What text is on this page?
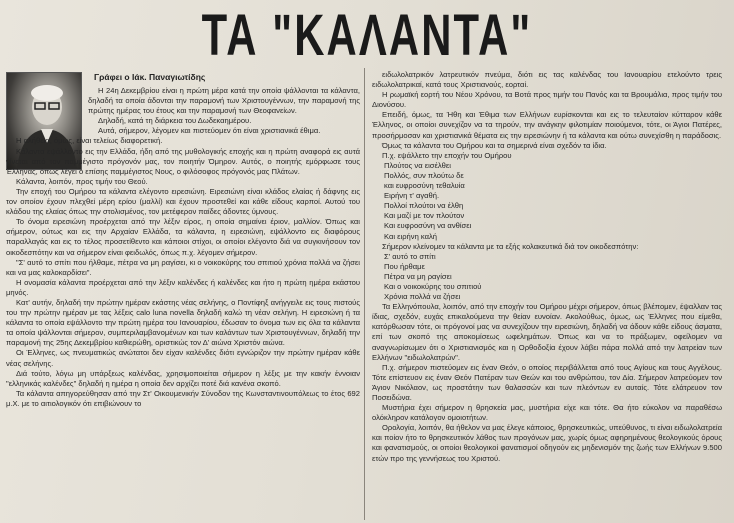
ΤΑ "ΚΑΛΑΝΤΑ"
Γράφει ο Ιάκ. Παναγιωτίδης

Η 24η Δεκεμβρίου είναι η πρώτη μέρα κατά την οποία ψάλλονται τα κάλαντα, δηλαδή τα οποία άδονται την παραμονή των Χριστουγέννων, την παραμονή της πρώτης ημέρας του έτους και την παραμονή των Θεοφανείων.

Δηλαδή, κατά τη διάρκεια του Δωδεκαημέρου.

Αυτά, σήμερον, λέγομεν και πιστεύομεν ότι είναι χριστιανικά έθιμα.

Η αλήθεια, όμως, είναι τελείως διαφορετική.

Κάλαντα εψάλλοντο εις την Ελλάδα, ήδη από της μυθολογικής εποχής και η πρώτη αναφορά εις αυτά γίνεται από τον παμμέγιστο πρόγονόν μας, τον ποιητήν Όμηρον. Αυτός, ο ποιητής εμόρφωσε τους Έλληνας, όπως λέγει ο επίσης παμμέγιστος Νους, ο φιλόσοφος πρόγονός μας Πλάτων.

Κάλαντα, λοιπόν, προς τιμήν του Θεού.

Την εποχή του Ομήρου τα κάλαντα ελέγοντο ειρεσιώνη. Ειρεσιώνη είναι κλάδος ελαίας ή δάφνης εις τον οποίον έχουν πλεχθεί μέρη ερίου (μαλλί) και έχουν προστεθεί και κάθε είδους καρποί. Αυτού του κλάδου της ελαίας όπως την στολισμένος, τον μετέφερον παίδες άδοντες ύμνους.

Το όνομα ειρεσιώνη προέρχεται από την λέξιν είρος, η οποία σημαίνει έριον, μαλλίον. Όπως και σήμερον, ούτως και εις την Αρχαίαν Ελλάδα, τα κάλαντα, η ειρεσιώνη, εψάλλοντο εις διαφόρους παραλλαγάς και εις το τέλος προσετίθεντο και κάποιοι στίχοι, οι οποίοι ελέγοντο διά να συγκινήσουν τον οικοδεσπότην και να σήμερον είναι φειδωλός, όπως π.χ. λέγομεν σήμερον.

"Σ' αυτό το σπίτι που ήλθαμε, πέτρα να μη ραγίσει, κι ο νοικοκύρης του σπιτιού χρόνια πολλά να ζήσει και να μας καλοκαρδίσει".

Η ονομασία κάλαντα προέρχεται από την λέξιν καλένδες ή καλένδες και ήτο η πρώτη ημέρα εκάστου μηνός.

Κατ' αυτήν, δηλαδή την πρώτην ημέραν εκάστης νέας σελήνης, ο Ποντίφηξ ανήγγειλε εις τους πιστούς του την πρώτην ημέραν με τας λέξεις calo luna novella δηλαδή καλώ τη νέαν σελήνη. Η ειρεσιώνη ή τα κάλαντα το οποία εψάλλοντο την πρώτη ημέρα του Ιανουαρίου, έδωσαν το όνομα των εις όλα τα κάλαντα τα οποία ψάλλονται σήμερον, συμπεριλαμβανομένων και των καλάντων των Χριστουγέννων, δηλαδή την παραμονή της 25ης Δεκεμβρίου καθιερώθη, οριστικώς τον Δ' αιώνα Χριστόν αιώνα.

Οι Έλληνες, ως πνευματικώς ανώτατοι δεν είχαν καλένδες διότι εγνώριζον την πρώτην ημέραν κάθε νέας σελήνης.

Διά τούτο, λόγω μη υπάρξεως καλένδας, χρησιμοποιείται σήμερον η λέξις με την κακήν έννοιαν "ελληνικάς καλένδες" δηλαδή η ημέρα η οποία δεν αρχίζει ποτέ διά κανένα σκοπό.

Τα κάλαντα απηγορεύθησαν από την Στ' Οικουμενικήν Σύνοδον της Κωνσταντινουπόλεως το έτος 692 μ.Χ. με το αιτιολογικόν ότι επιβιώνουν το

ειδωλολατρικόν λατρευτικόν πνεύμα, διότι εις τας καλένδας του Ιανουαρίου ετελούντο τρεις ειδωλολατρικαί, κατά τους Χριστιανούς, εορταί.

Η ρωμαϊκή εορτή του Νέου Χρόνου, τα Βοτά προς τιμήν του Πανός και τα Βρουμάλια, προς τιμήν του Διονύσου.

Επειδή, όμως, τα Ήθη και Έθιμα των Ελλήνων ευρίσκονται και εις το τελευταίον κύτταρον κάθε Έλληνος, οι οποίοι συνεχίζον να τα τηρούν, την ανάγκην φιλοτιμίαν ποιούμενοι, τότε, οι Άγιοι Πατέρες, προσήρμοσαν και χριστιανικά θέματα εις την ειρεσιώνην ή τα κάλαντα και ούτω συνεχίσθη η παράδοσις.

Όμως τα κάλαντα του Ομήρου και τα σημερινά είναι σχεδόν τα ίδια.

Π.χ. εψάλλετο την εποχήν του Ομήρου

Πλούτος να εισέλθει

Πολλός, συν πλούτω δε

και ευφροσύνη τεθαλυία

Ειρήνη τ' αγαθή.

Πολλοί πλούτοι να έλθη

Και μαζί με τον πλούτον

Και ευφροσύνη να ανθίσει

Και ειρήνη καλή

Σήμερον κλείνομεν τα κάλαντα με τα εξής κολακευτικά διά τον οικοδεσπότην:

Σ' αυτό το σπίτι

Που ήρθαμε

Πέτρα να μη ραγίσει

Και ο νοικοκύρης του σπιτιού

Χρόνια πολλά να ζήσει

Τα Ελληνόπουλα, λοιπόν, από την εποχήν του Ομήρου μέχρι σήμερον, όπως βλέπομεν, έψαλλαν τας ίδιας, σχεδόν, ευχάς επικαλούμενα την θείαν ευνοίαν. Ακολούθως, όμως, ως Έλληνες που είμεθα, κατόρθωσαν τότε, οι πρόγονοί μας να συνεχίζουν την ειρεσιώνη, δηλαδή να άδουν κάθε είδους άσματα, επί των σκοπό της αποκομίσεως ωφελημάτων. Όπως και να το πράξωμεν, οφείλομεν να αναγνωρίσωμεν ότι ο Χριστιανισμός και η Ορθοδοξία έχουν λάβει πάρα πολλά από την λατρείαν των Ελλήνων "ειδωλολατρών".

Π.χ. σήμερον πιστεύομεν εις έναν Θεόν, ο οποίος περιβάλλεται από τους Αγίους και τους Αγγέλους. Τότε επίστευον εις έναν Θεόν Πατέραν των Θεών και του ανθρώπου, τον Δία. Σήμερον λατρεύομεν τον Άγιον Νικόλαον, ως προστάτην των θαλασσών και των πλεόντων εν αυταίς. Τότε ελάτρευον τον Ποσειδώνα.

Μυστήρια έχει σήμερον η θρησκεία μας, μυστήρια είχε και τότε. Θα ήτο εύκολον να παραθέσω ολόκληρον κατάλογον ομοιοτήτων.

Ορολογία, λοιπόν, θα ήθελον να μας έλεγε κάποιος, θρησκευτικώς, υπεύθυνος, τι είναι ειδωλολατρεία και ποίον ήτο το θρησκευτικόν λάθος των προγόνων μας, χωρίς όμως αφηρημένους θεολογικούς όρους και φανατισμούς, οι οποίοι θεολογικοί φανατισμοί οδηγούν εις μηδενισμόν της ζωής των Ελλήνων 9.500 ετών προ της γεννήσεως του Χριστού.
